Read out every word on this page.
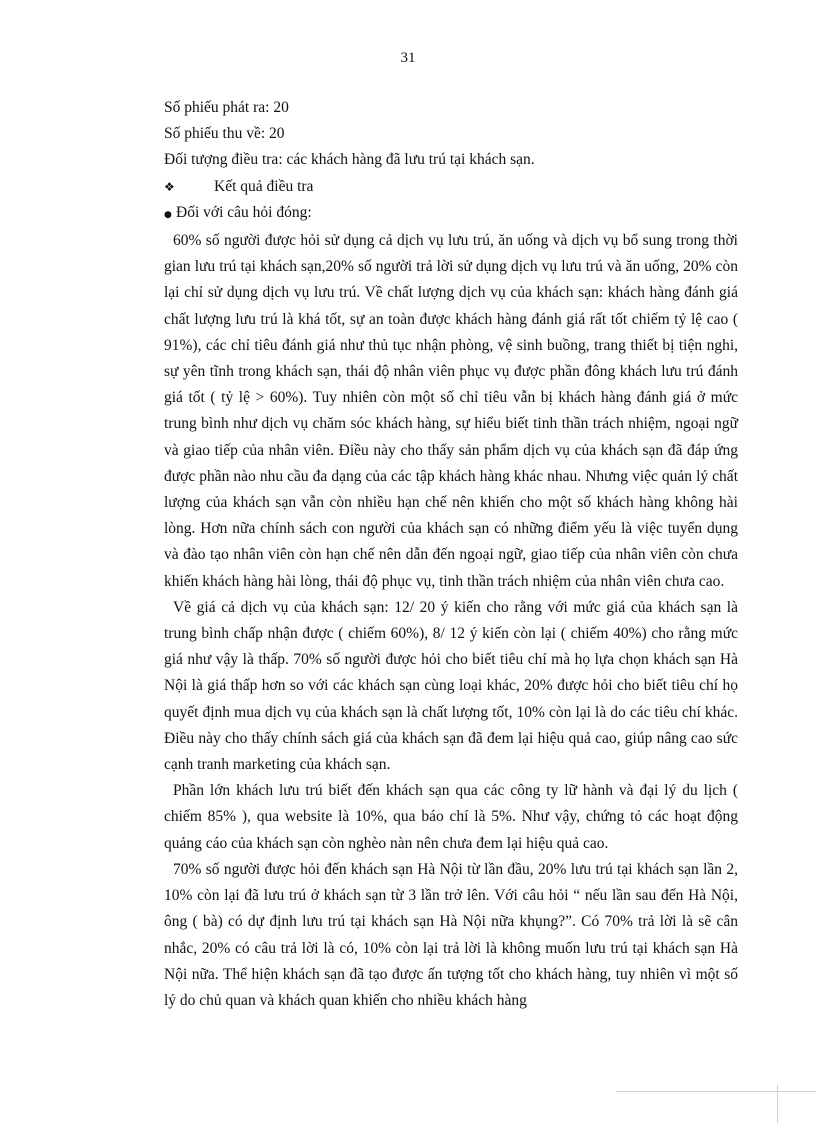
31

Số phiếu phát ra: 20

Số phiếu thu về: 20

Đối tượng điều tra: các khách hàng đã lưu trú tại khách sạn.

❖	Kết quả điều tra

● Đối với câu hỏi đóng:

60% số người được hỏi sử dụng cả dịch vụ lưu trú, ăn uống và dịch vụ bổ sung trong thời gian lưu trú tại khách sạn,20% số người trả lời sử dụng dịch vụ lưu trú và ăn uống, 20% còn lại chỉ sử dụng dịch vụ lưu trú. Về chất lượng dịch vụ của khách sạn: khách hàng đánh giá chất lượng lưu trú là khá tốt, sự an toàn được khách hàng đánh giá rất tốt chiếm tỷ lệ cao ( 91%), các chỉ tiêu đánh giá như thủ tục nhận phòng, vệ sinh buồng, trang thiết bị tiện nghi, sự yên tĩnh trong khách sạn, thái độ nhân viên phục vụ được phần đông khách lưu trú đánh giá tốt ( tỷ lệ > 60%). Tuy nhiên còn một số chỉ tiêu vẫn bị khách hàng đánh giá ở mức trung bình như dịch vụ chăm sóc khách hàng, sự hiểu biết tinh thần trách nhiệm, ngoại ngữ và giao tiếp của nhân viên. Điều này cho thấy sản phẩm dịch vụ của khách sạn đã đáp ứng được phần nào nhu cầu đa dạng của các tập khách hàng khác nhau. Nhưng việc quản lý chất lượng của khách sạn vẫn còn nhiều hạn chế nên khiến cho một số khách hàng không hài lòng. Hơn nữa chính sách con người của khách sạn có những điểm yếu là việc tuyển dụng và đào tạo nhân viên còn hạn chế nên dẫn đến ngoại ngữ, giao tiếp của nhân viên còn chưa khiến khách hàng hài lòng, thái độ phục vụ, tinh thần trách nhiệm của nhân viên chưa cao.

Về giá cả dịch vụ của khách sạn: 12/ 20 ý kiến cho rằng với mức giá của khách sạn là trung bình chấp nhận được ( chiếm 60%), 8/ 12 ý kiến còn lại ( chiếm 40%) cho rằng mức giá như vậy là thấp. 70% số người được hỏi cho biết tiêu chí mà họ lựa chọn khách sạn Hà Nội là giá thấp hơn so với các khách sạn cùng loại khác, 20% được hỏi cho biết tiêu chí họ quyết định mua dịch vụ của khách sạn là chất lượng tốt, 10% còn lại là do các tiêu chí khác. Điều này cho thấy chính sách giá của khách sạn đã đem lại hiệu quả cao, giúp nâng cao sức cạnh tranh marketing của khách sạn.

Phần lớn khách lưu trú biết đến khách sạn qua các công ty lữ hành và đại lý du lịch ( chiếm 85% ), qua website là 10%, qua báo chí là 5%. Như vậy, chứng tỏ các hoạt động quảng cáo của khách sạn còn nghèo nàn nên chưa đem lại hiệu quả cao.

70% số người được hỏi đến khách sạn Hà Nội từ lần đầu, 20% lưu trú tại khách sạn lần 2, 10% còn lại đã lưu trú ở khách sạn từ 3 lần trở lên. Với câu hỏi “ nếu lần sau đến Hà Nội, ông ( bà) có dự định lưu trú tại khách sạn Hà Nội nữa khụng?”. Có 70% trả lời là sẽ cân nhắc, 20% có câu trả lời là có, 10% còn lại trả lời là không muốn lưu trú tại khách sạn Hà Nội nữa. Thể hiện khách sạn đã tạo được ấn tượng tốt cho khách hàng, tuy nhiên vì một số lý do chủ quan và khách quan khiến cho nhiều khách hàng
